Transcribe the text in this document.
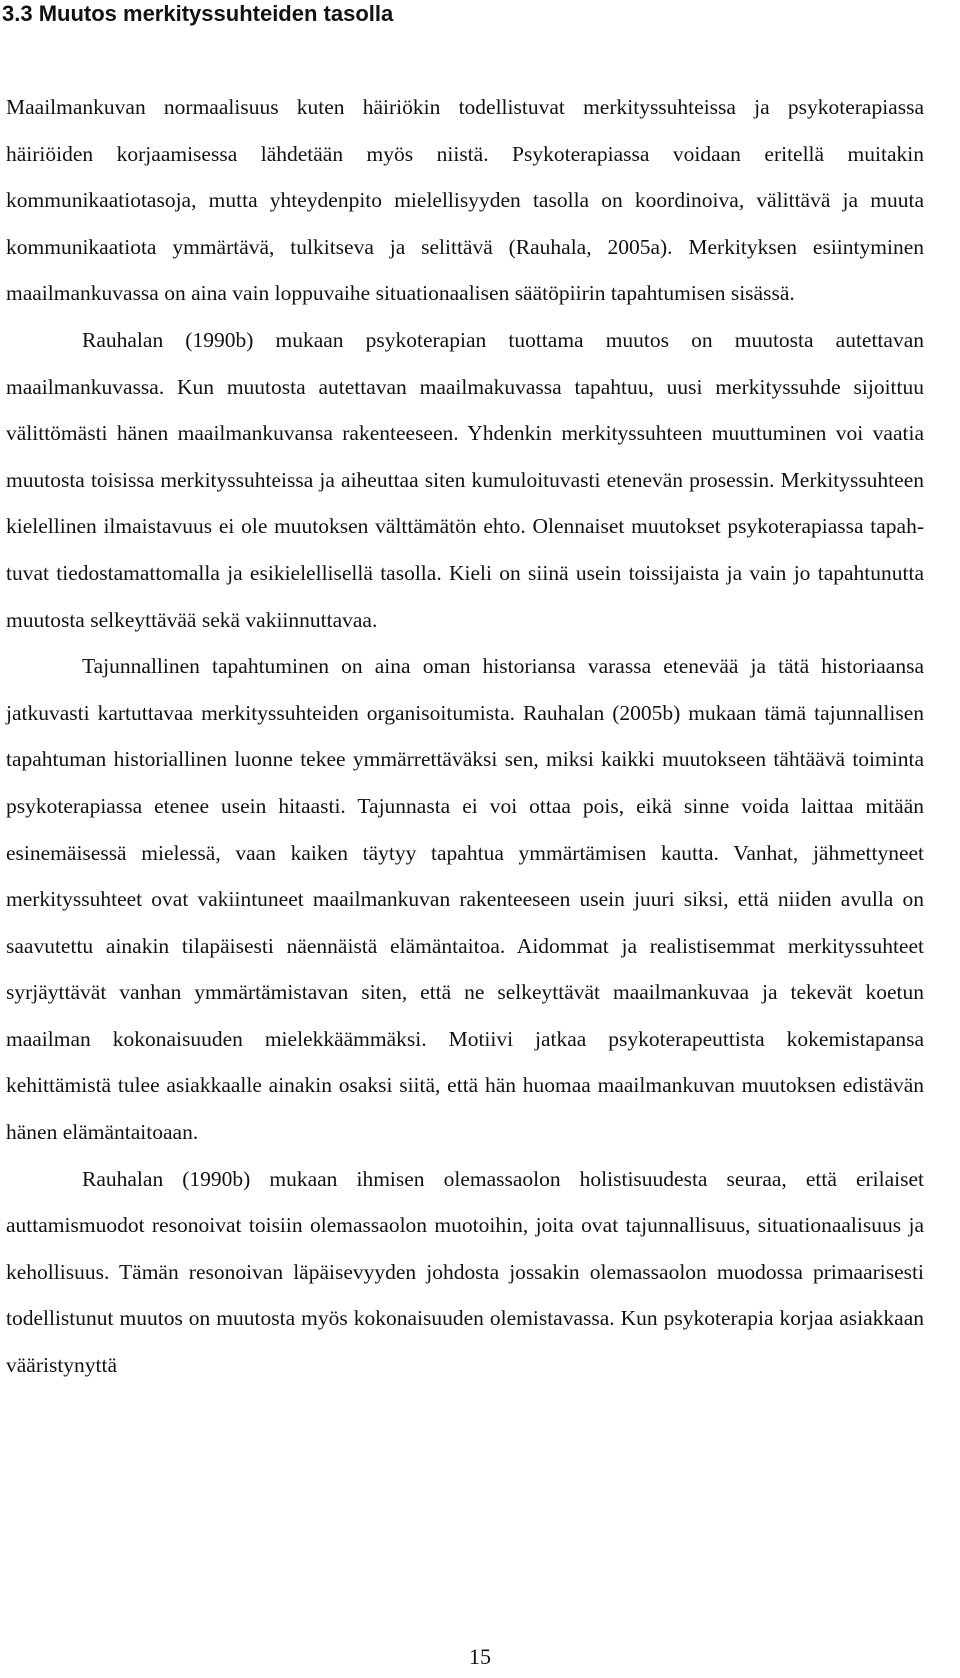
3.3 Muutos merkityssuhteiden tasolla

Maailmankuvan normaalisuus kuten häiriökin todellistuvat merkityssuhteissa ja psykoterapiassa häiriöiden korjaamisessa lähdetään myös niistä. Psykoterapiassa voidaan eritellä muitakin kommunikaatiotasoja, mutta yhteydenpito mielellisyyden tasolla on koordinoiva, välittävä ja muuta kommunikaatiota ymmärtävä, tulkitseva ja selittävä (Rauhala, 2005a). Merkityksen esiintyminen maailmankuvassa on aina vain loppuvaihe situationaalisen säätöpiirin tapahtumisen sisässä.

Rauhalan (1990b) mukaan psykoterapian tuottama muutos on muutosta autettavan maailmankuvassa. Kun muutosta autettavan maailmakuvassa tapahtuu, uusi merkityssuhde sijoittuu välittömästi hänen maailmankuvansa rakenteeseen. Yhdenkin merkityssuhteen muuttuminen voi vaatia muutosta toisissa merkityssuhteissa ja aiheuttaa siten kumuloituvasti etenevän prosessin. Merkityssuhteen kielellinen ilmaistavuus ei ole muutoksen välttämätön ehto. Olennaiset muutokset psykoterapiassa tapahtuvat tiedostamattomalla ja esikielellisellä tasolla. Kieli on siinä usein toissijaista ja vain jo tapahtunutta muutosta selkeyttävää sekä vakiinnuttavaa.

Tajunnallinen tapahtuminen on aina oman historiansa varassa etenevää ja tätä historiaansa jatkuvasti kartuttavaa merkityssuhteiden organisoitumista. Rauhalan (2005b) mukaan tämä tajunnallisen tapahtuman historiallinen luonne tekee ymmärrettäväksi sen, miksi kaikki muutokseen tähtäävä toiminta psykoterapiassa etenee usein hitaasti. Tajunnasta ei voi ottaa pois, eikä sinne voida laittaa mitään esinemäisessä mielessä, vaan kaiken täytyy tapahtua ymmärtämisen kautta. Vanhat, jähmettyneet merkityssuhteet ovat vakiintuneet maailmankuvan rakenteeseen usein juuri siksi, että niiden avulla on saavutettu ainakin tilapäisesti näennäistä elämäntaitoa. Aidommat ja realistisemmat merkityssuhteet syrjäyttävät vanhan ymmärtämistavan siten, että ne selkeyttävät maailmankuvaa ja tekevät koetun maailman kokonaisuuden mielekkäämmäksi. Motiivi jatkaa psykoterapeuttista kokemistapansa kehittämistä tulee asiakkaalle ainakin osaksi siitä, että hän huomaa maailmankuvan muutoksen edistävän hänen elämäntaitoaan.

Rauhalan (1990b) mukaan ihmisen olemassaolon holistisuudesta seuraa, että erilaiset auttamismuodot resonoivat toisiin olemassaolon muotoihin, joita ovat tajunnallisuus, situationaalisuus ja kehollisuus. Tämän resonoivan läpäisevyyden johdosta jossakin olemassaolon muodossa primaarisesti todellistunut muutos on muutosta myös kokonaisuuden olemistavassa. Kun psykoterapia korjaa asiakkaan vääristynyttä

15
